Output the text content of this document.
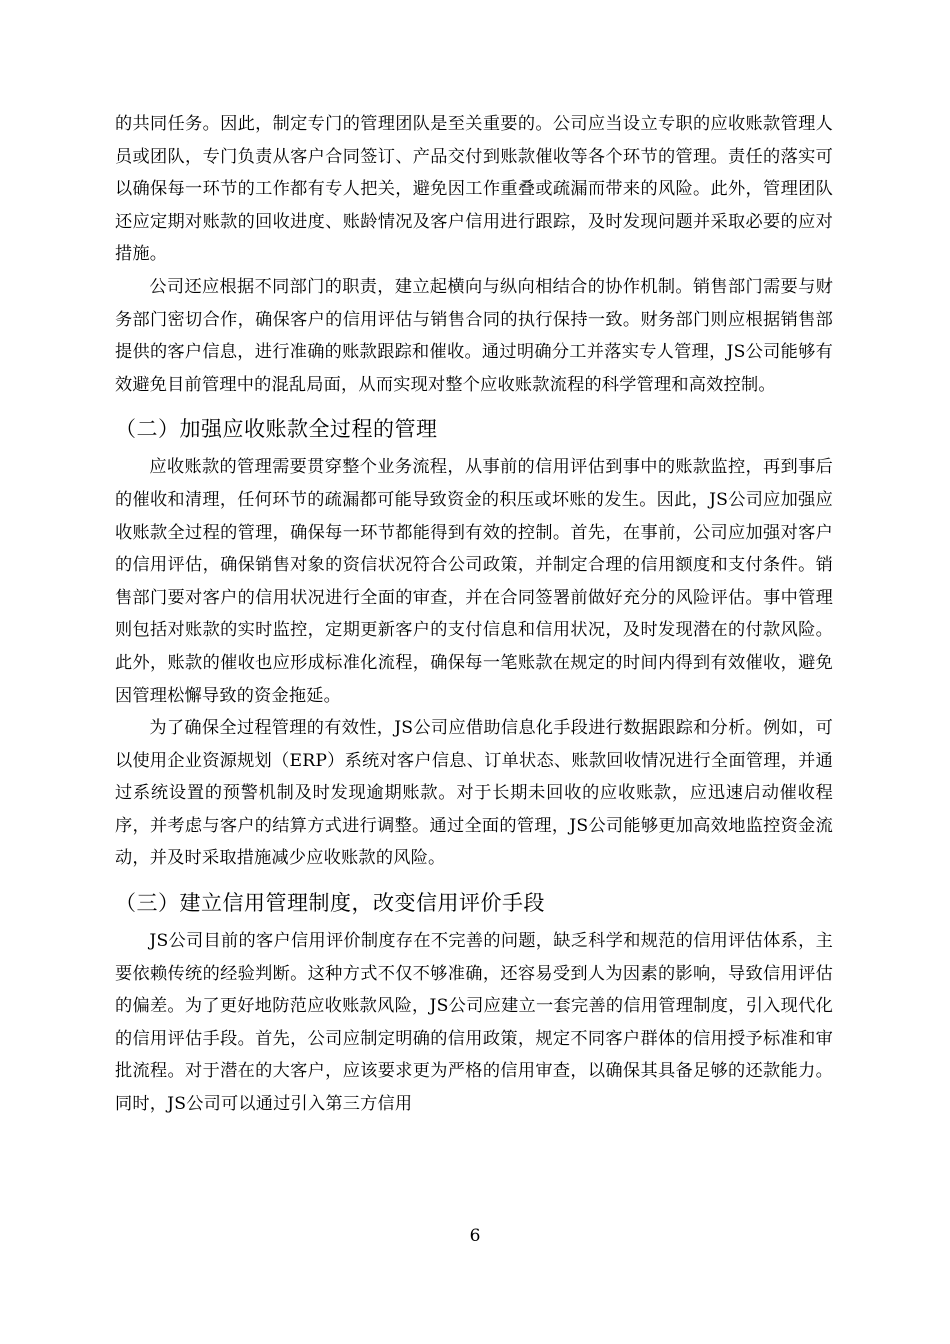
的共同任务。因此，制定专门的管理团队是至关重要的。公司应当设立专职的应收账款管理人员或团队，专门负责从客户合同签订、产品交付到账款催收等各个环节的管理。责任的落实可以确保每一环节的工作都有专人把关，避免因工作重叠或疏漏而带来的风险。此外，管理团队还应定期对账款的回收进度、账龄情况及客户信用进行跟踪，及时发现问题并采取必要的应对措施。

公司还应根据不同部门的职责，建立起横向与纵向相结合的协作机制。销售部门需要与财务部门密切合作，确保客户的信用评估与销售合同的执行保持一致。财务部门则应根据销售部提供的客户信息，进行准确的账款跟踪和催收。通过明确分工并落实专人管理，JS公司能够有效避免目前管理中的混乱局面，从而实现对整个应收账款流程的科学管理和高效控制。

（二）加强应收账款全过程的管理

应收账款的管理需要贯穿整个业务流程，从事前的信用评估到事中的账款监控，再到事后的催收和清理，任何环节的疏漏都可能导致资金的积压或坏账的发生。因此，JS公司应加强应收账款全过程的管理，确保每一环节都能得到有效的控制。首先，在事前，公司应加强对客户的信用评估，确保销售对象的资信状况符合公司政策，并制定合理的信用额度和支付条件。销售部门要对客户的信用状况进行全面的审查，并在合同签署前做好充分的风险评估。事中管理则包括对账款的实时监控，定期更新客户的支付信息和信用状况，及时发现潜在的付款风险。此外，账款的催收也应形成标准化流程，确保每一笔账款在规定的时间内得到有效催收，避免因管理松懈导致的资金拖延。

为了确保全过程管理的有效性，JS公司应借助信息化手段进行数据跟踪和分析。例如，可以使用企业资源规划（ERP）系统对客户信息、订单状态、账款回收情况进行全面管理，并通过系统设置的预警机制及时发现逾期账款。对于长期未回收的应收账款，应迅速启动催收程序，并考虑与客户的结算方式进行调整。通过全面的管理，JS公司能够更加高效地监控资金流动，并及时采取措施减少应收账款的风险。

（三）建立信用管理制度，改变信用评价手段

JS公司目前的客户信用评价制度存在不完善的问题，缺乏科学和规范的信用评估体系，主要依赖传统的经验判断。这种方式不仅不够准确，还容易受到人为因素的影响，导致信用评估的偏差。为了更好地防范应收账款风险，JS公司应建立一套完善的信用管理制度，引入现代化的信用评估手段。首先，公司应制定明确的信用政策，规定不同客户群体的信用授予标准和审批流程。对于潜在的大客户，应该要求更为严格的信用审查，以确保其具备足够的还款能力。同时，JS公司可以通过引入第三方信用

6
